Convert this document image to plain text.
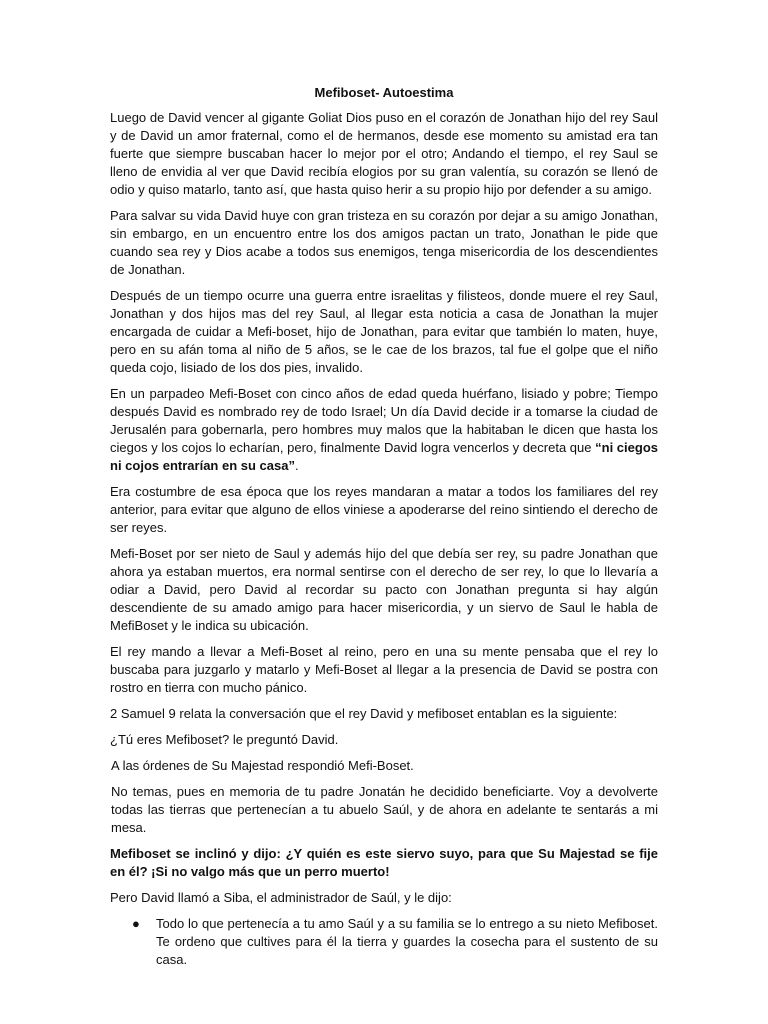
Mefiboset- Autoestima

Luego de David vencer al gigante Goliat Dios puso en el corazón de Jonathan hijo del rey Saul y de David un amor fraternal, como el de hermanos, desde ese momento su amistad era tan fuerte que siempre buscaban hacer lo mejor por el otro; Andando el tiempo, el rey Saul se lleno de envidia al ver que David recibía elogios por su gran valentía, su corazón se llenó de odio y quiso matarlo, tanto así, que hasta quiso herir a su propio hijo por defender a su amigo.

Para salvar su vida David huye con gran tristeza en su corazón por dejar a su amigo Jonathan, sin embargo, en un encuentro entre los dos amigos pactan un trato, Jonathan le pide que cuando sea rey y Dios acabe a todos sus enemigos, tenga misericordia de los descendientes de Jonathan.

Después de un tiempo ocurre una guerra entre israelitas y filisteos, donde muere el rey Saul, Jonathan y dos hijos mas del rey Saul, al llegar esta noticia a casa de Jonathan la mujer encargada de cuidar a Mefi-boset, hijo de Jonathan, para evitar que también lo maten, huye, pero en su afán toma al niño de 5 años, se le cae de los brazos, tal fue el golpe que el niño queda cojo, lisiado de los dos pies, invalido.

En un parpadeo Mefi-Boset con cinco años de edad queda huérfano, lisiado y pobre; Tiempo después David es nombrado rey de todo Israel; Un día David decide ir a tomarse la ciudad de Jerusalén para gobernarla, pero hombres muy malos que la habitaban le dicen que hasta los ciegos y los cojos lo echarían, pero, finalmente David logra vencerlos y decreta que “ni ciegos ni cojos entrarían en su casa”.

Era costumbre de esa época que los reyes mandaran a matar a todos los familiares del rey anterior, para evitar que alguno de ellos viniese a apoderarse del reino sintiendo el derecho de ser reyes.

Mefi-Boset por ser nieto de Saul y además hijo del que debía ser rey, su padre Jonathan que ahora ya estaban muertos, era normal sentirse con el derecho de ser rey, lo que lo llevaría a odiar a David, pero David al recordar su pacto con Jonathan pregunta si hay algún descendiente de su amado amigo para hacer misericordia, y un siervo de Saul le habla de MefiBoset y le indica su ubicación.

El rey mando a llevar a Mefi-Boset al reino, pero en una su mente pensaba que el rey lo buscaba para juzgarlo y matarlo y Mefi-Boset al llegar a la presencia de David se postra con rostro en tierra con mucho pánico.

2 Samuel 9 relata la conversación que el rey David y mefiboset entablan es la siguiente:

¿Tú eres Mefiboset? le preguntó David.

A las órdenes de Su Majestad respondió Mefi-Boset.

No temas, pues en memoria de tu padre Jonatán he decidido beneficiarte. Voy a devolverte todas las tierras que pertenecían a tu abuelo Saúl, y de ahora en adelante te sentarás a mi mesa.

Mefiboset se inclinó y dijo: ¿Y quién es este siervo suyo, para que Su Majestad se fije en él? ¡Si no valgo más que un perro muerto!

Pero David llamó a Siba, el administrador de Saúl, y le dijo:

● Todo lo que pertenecía a tu amo Saúl y a su familia se lo entrego a su nieto Mefiboset. Te ordeno que cultives para él la tierra y guardes la cosecha para el sustento de su casa.
